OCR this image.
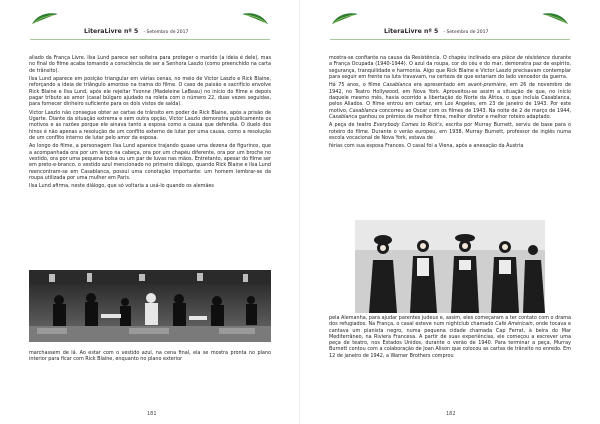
LiteraLivre nº 5 - Setembro de 2017

aliado da França Livre. Ilsa Lund parece ser solteira para proteger o marido (a ideia é dele), mas no final do filme acaba tomando a consciência de ser a Senhora Laszlo (como preenchido na carta de trânsito).

Ilsa Lund aparece em posição triangular em várias cenas, no meio de Victor Laszlo e Rick Blaine, reforçando a ideia de triângulo amoroso na trama do filme. O caso de paixão e sacrifício envolve Rick Blaine e Ilsa Lund, após ele rejeitar Yvonne (Madeleine LeBeau) no início do filme e depois pagar tributo ao amor (casal búlgaro ajudado na roleta com o número 22, duas vezes seguidas, para fornecer dinheiro suficiente para os dois vistos de saída).

Victor Laszlo não consegue obter as cartas de trânsito em poder de Rick Blaine, após a prisão de Ugarte. Diante da situação extrema e sem outra opção, Victor Laszlo demonstra publicamente os motivos e as razões porque ele ainava tanto a esposa como a causa que defendia. O duelo dos hinos é não apenas a resolução de um conflito externo de lutar por uma causa, como a resolução de um conflito interno de lutar pelo amor da esposa.

Ao longo do filme, a personagem Ilsa Lund aparece trajando quase uma dezena de figurinos, que a acompanhada ora por um lenço na cabeça, ora por um chapéu diferente, ora por um broche no vestido, ora por uma pequena bolsa ou um par de luvas nas mãos. Entretanto, apesar do filme ser em preto-e-branco, o vestido azul mencionado no primeiro diálogo, quando Rick Blaine e Ilsa Lund reencontram-se em Casablanca, possui uma conotação importante: um homem lembrar-se da roupa utilizada por uma mulher em Paris.

Ilsa Lund afirma, neste diálogo, que só voltaria a usá-lo quando os alemães

marchassem de lá. Ao estar com o vestido azul, na cena final, ela se mostra pronta no plano interior para ficar com Rick Blaine, enquanto no plano exterior

181
LiteraLivre nº 5 - Setembro de 2017

mostra-se confiante na causa da Resistência. O chapéu inclinado era pièce de résistence durante a França Ocupada (1940-1944). O azul da roupa, cor do céu e do mar, demonstra paz de espírito, segurança, tranquilidade e harmonia. Algo que Rick Blaine e Victor Laszlo precisavam contemplar para seguir em frente na luta travavam, na certeza de que estariam do lado vencedor da guerra.

Há 75 anos, o filme Casablanca era apresentado em avant-première, em 26 de novembro de 1942, no Teatro Hollywood, em Nova York. Aproveitou-se assim a situação de que, no início daquele mesmo mês, havia ocorrido a libertação do Norte da África, o que incluía Casablanca, pelos Aliados. O filme entrou em cartaz, em Los Angeles, em 23 de janeiro de 1943. Por este motivo, Casablanca concorreu ao Oscar com os filmes de 1943. Na noite de 2 de março de 1944, Casablanca ganhou os prêmios de melhor filme, melhor diretor e melhor roteiro adaptado.

A peça de teatro Everybody Comes to Rick's, escrita por Murray Burnett, serviu de base para o roteiro do filme. Durante o verão europeu, em 1938, Murray Burnett, professor de inglês numa escola vocacional de Nova York, estava de

férias com sua esposa Frances. O casal foi a Viena, após a anexação da Áustria

pela Alemanha, para ajudar parentes judeus e, assim, eles começaram a ter contato com o drama dos refugiados. Na França, o casal esteve num nightclub chamado Café Américain, onde tocava e cantava um pianista negro, numa pequena cidade chamada Cap Ferrat, à beira do Mar Mediterrâneo, na Riviera Francesa. A partir de suas experiências, ele começou a escrever uma peça de teatro, nos Estados Unidos, durante o verão de 1940. Para terminar a peça, Murray Burnett contou com a colaboração de Joan Alison que colocou as cartas de trânsito no enredo. Em 12 de janeiro de 1942, a Warner Brothers comprou

182
